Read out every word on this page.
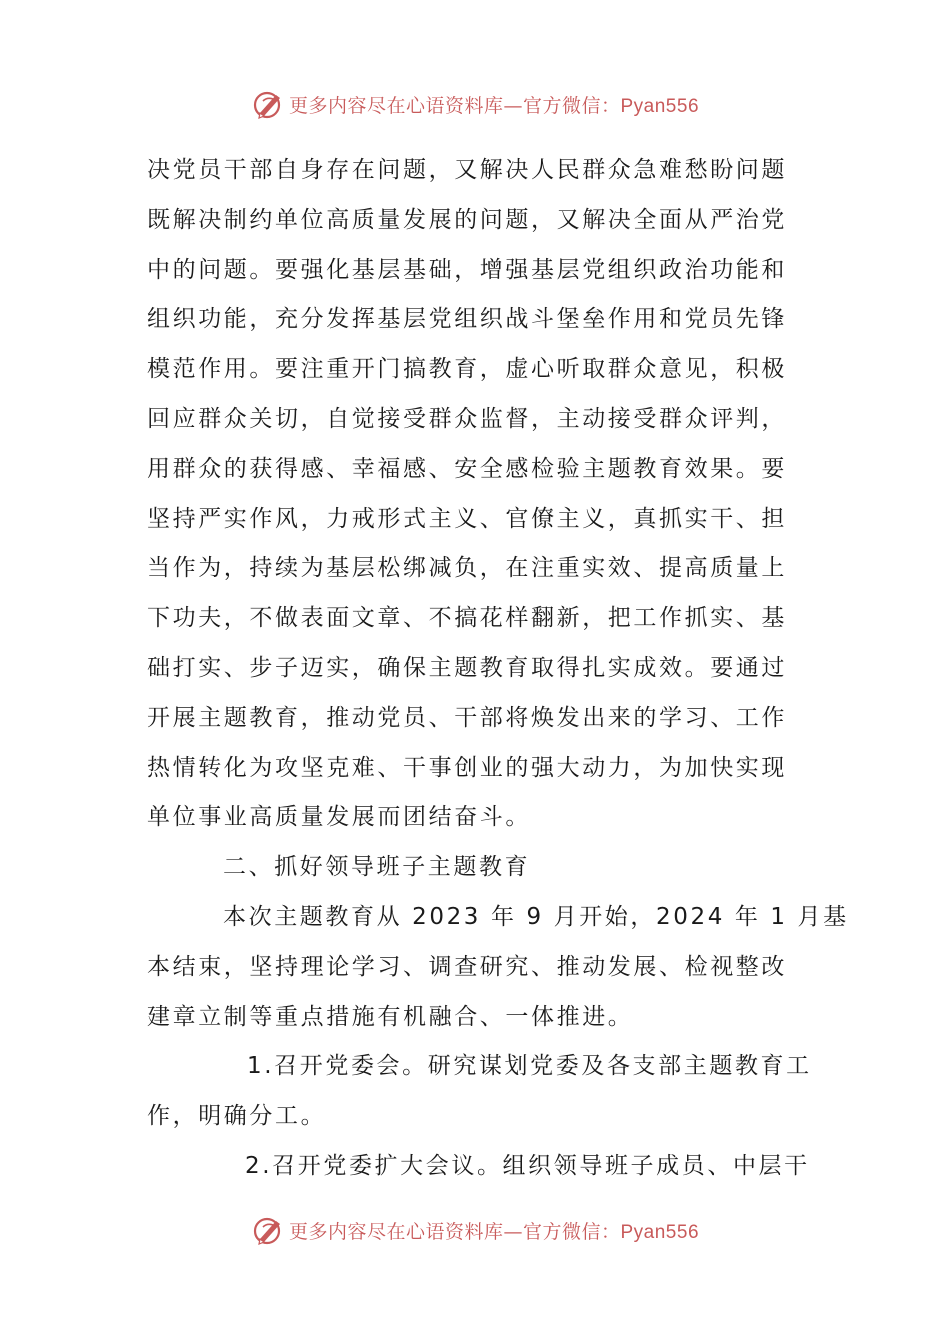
更多内容尽在心语资料库—官方微信：Pyan556
决党员干部自身存在问题，又解决人民群众急难愁盼问题
既解决制约单位高质量发展的问题，又解决全面从严治党
中的问题。要强化基层基础，增强基层党组织政治功能和
组织功能，充分发挥基层党组织战斗堡垒作用和党员先锋
模范作用。要注重开门搞教育，虚心听取群众意见，积极
回应群众关切，自觉接受群众监督，主动接受群众评判，
用群众的获得感、幸福感、安全感检验主题教育效果。要
坚持严实作风，力戒形式主义、官僚主义，真抓实干、担
当作为，持续为基层松绑减负，在注重实效、提高质量上
下功夫，不做表面文章、不搞花样翻新，把工作抓实、基
础打实、步子迈实，确保主题教育取得扎实成效。要通过
开展主题教育，推动党员、干部将焕发出来的学习、工作
热情转化为攻坚克难、干事创业的强大动力，为加快实现
单位事业高质量发展而团结奋斗。
二、抓好领导班子主题教育
本次主题教育从 2023 年 9 月开始，2024 年 1 月基
本结束，坚持理论学习、调查研究、推动发展、检视整改
建章立制等重点措施有机融合、一体推进。
1.召开党委会。研究谋划党委及各支部主题教育工
作，明确分工。
2.召开党委扩大会议。组织领导班子成员、中层干
更多内容尽在心语资料库—官方微信：Pyan556
